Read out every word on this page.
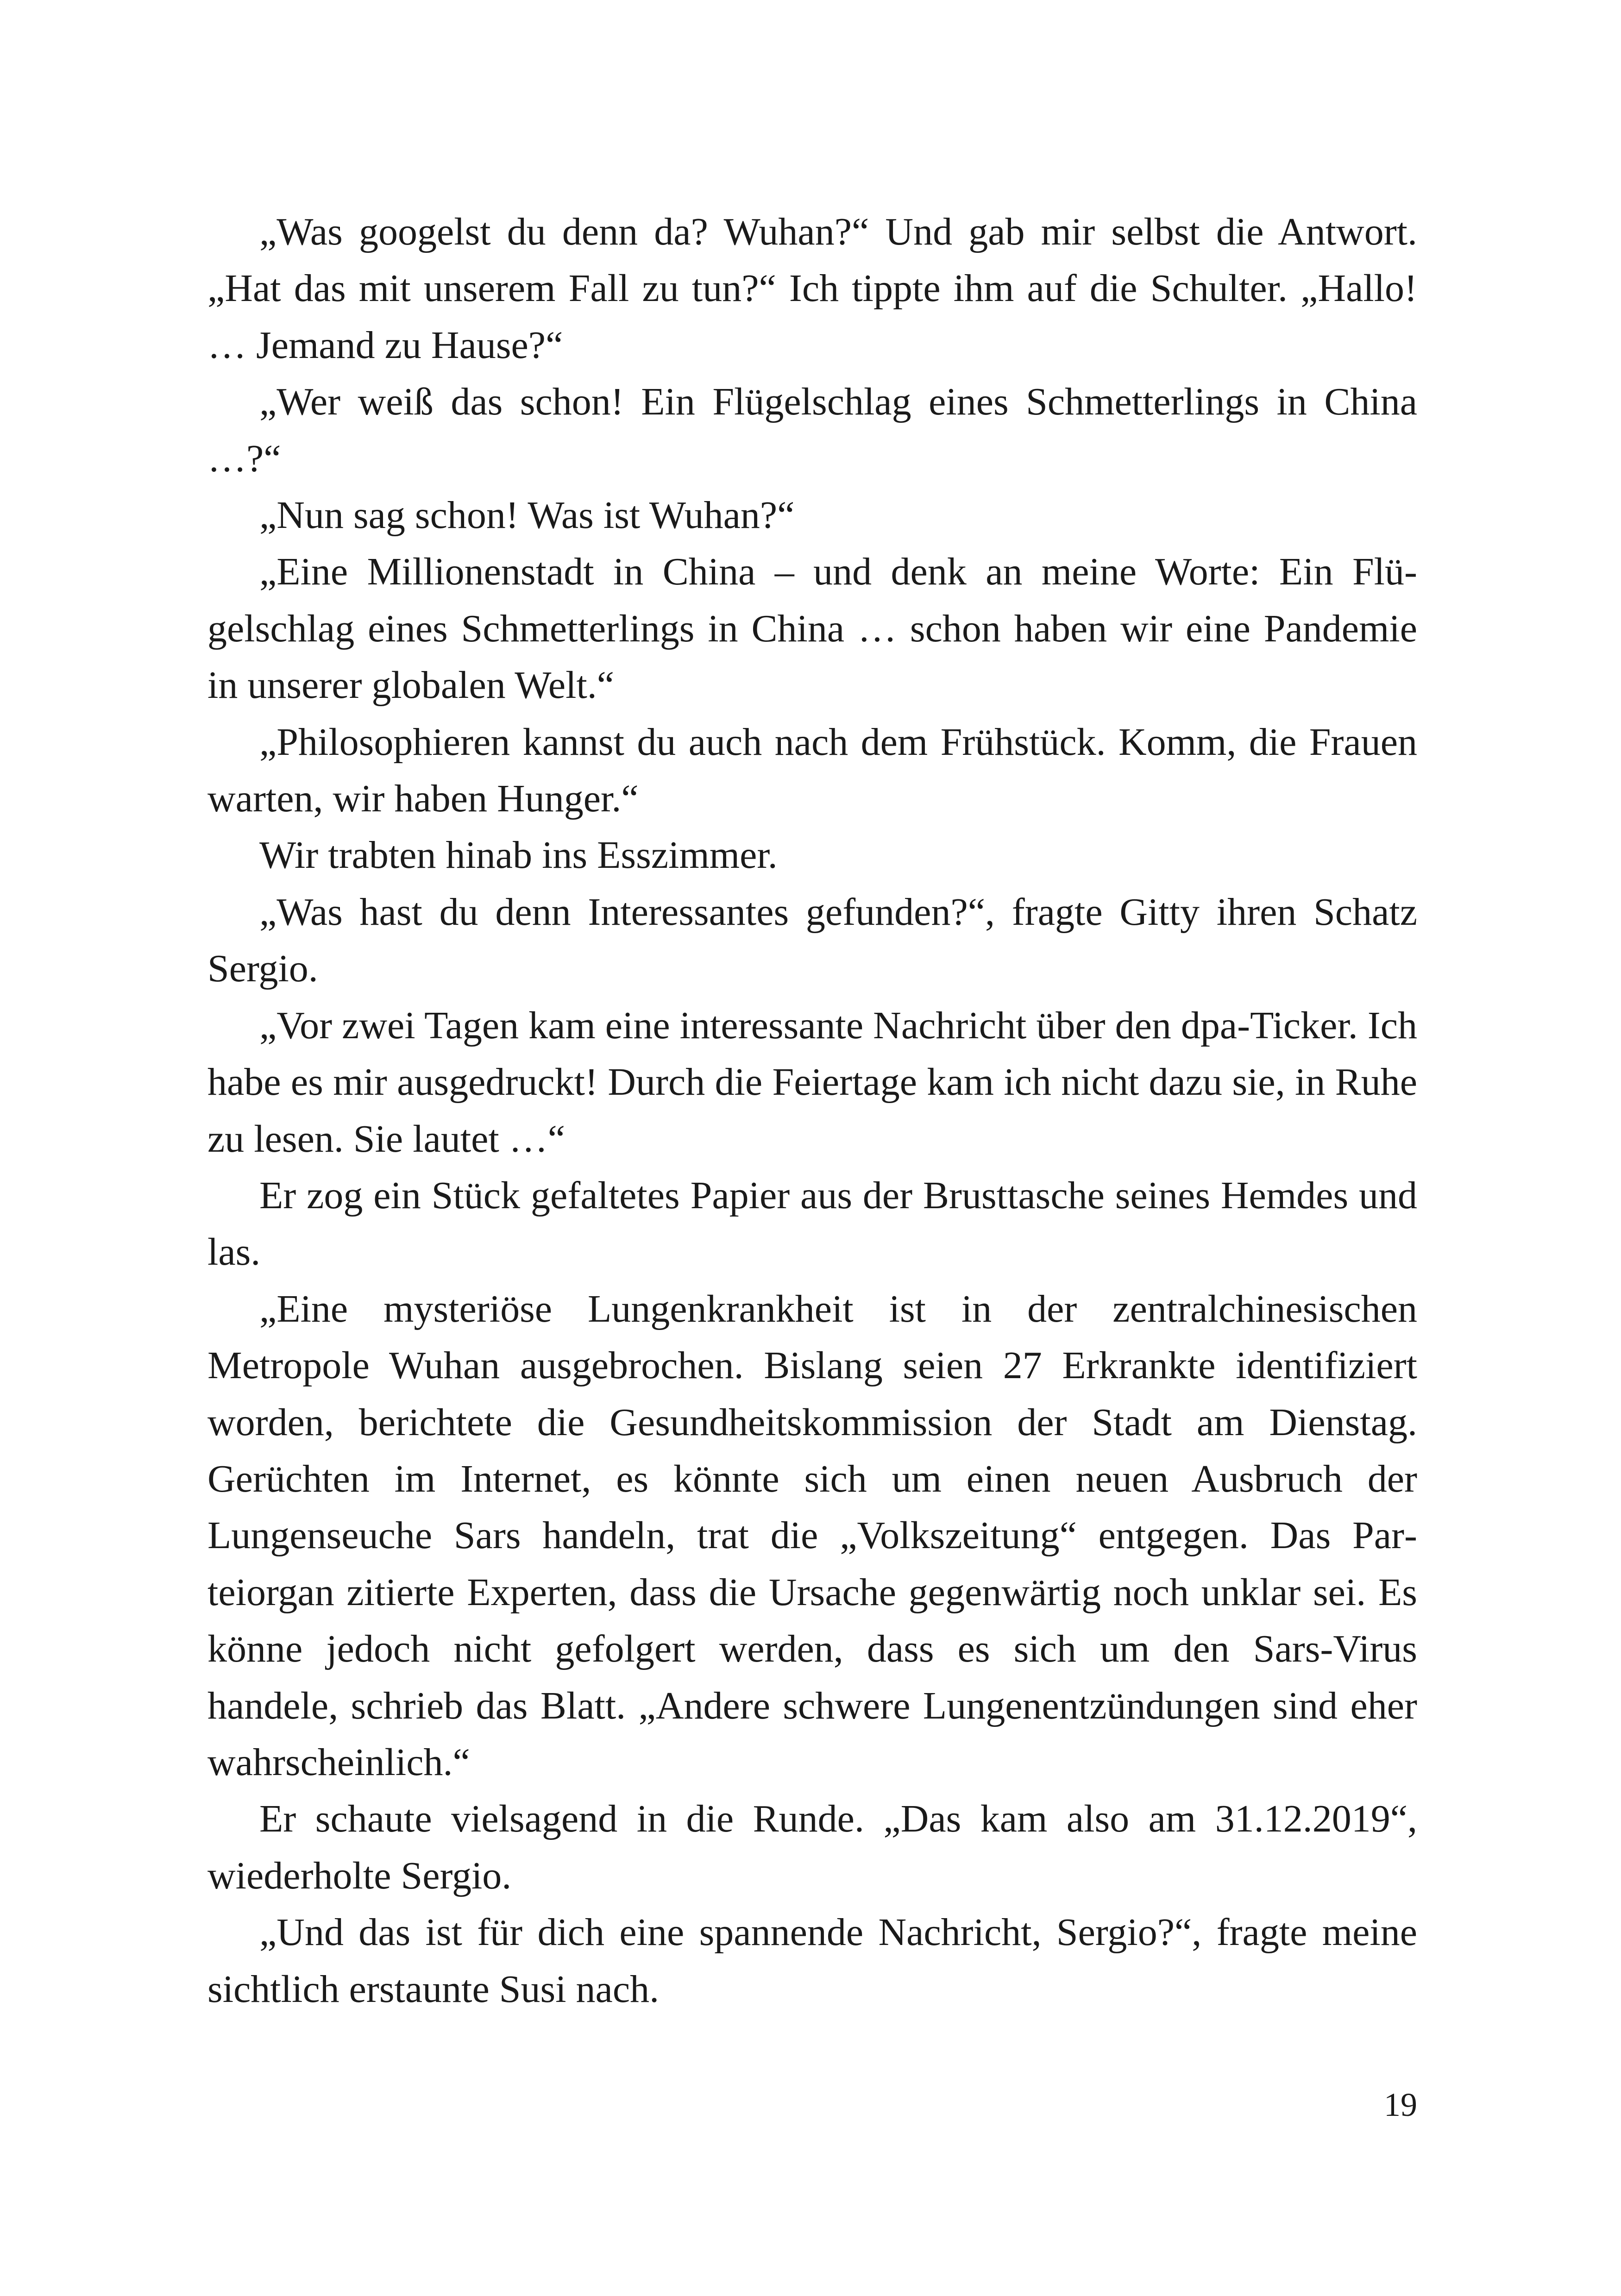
„Was googelst du denn da? Wuhan?“ Und gab mir selbst die Antwort. „Hat das mit unserem Fall zu tun?“ Ich tippte ihm auf die Schulter. „Hallo! … Jemand zu Hause?“

„Wer weiß das schon! Ein Flügelschlag eines Schmetterlings in China …?“

„Nun sag schon! Was ist Wuhan?“

„Eine Millionenstadt in China – und denk an meine Worte: Ein Flügelschlag eines Schmetterlings in China … schon haben wir eine Pandemie in unserer globalen Welt.“

„Philosophieren kannst du auch nach dem Frühstück. Komm, die Frauen warten, wir haben Hunger.“

Wir trabten hinab ins Esszimmer.

„Was hast du denn Interessantes gefunden?“, fragte Gitty ihren Schatz Sergio.

„Vor zwei Tagen kam eine interessante Nachricht über den dpa-Ticker. Ich habe es mir ausgedruckt! Durch die Feiertage kam ich nicht dazu sie, in Ruhe zu lesen. Sie lautet …“

Er zog ein Stück gefaltetes Papier aus der Brusttasche seines Hemdes und las.

„Eine mysteriöse Lungenkrankheit ist in der zentralchinesischen Metropole Wuhan ausgebrochen. Bislang seien 27 Erkrankte identifiziert worden, berichtete die Gesundheitskommission der Stadt am Dienstag. Gerüchten im Internet, es könnte sich um einen neuen Ausbruch der Lungenseuche Sars handeln, trat die „Volkszeitung“ entgegen. Das Parteiorgan zitierte Experten, dass die Ursache gegenwärtig noch unklar sei. Es könne jedoch nicht gefolgert werden, dass es sich um den Sars-Virus handele, schrieb das Blatt. „Andere schwere Lungenentzündungen sind eher wahrscheinlich.“

Er schaute vielsagend in die Runde. „Das kam also am 31.12.2019“, wiederholte Sergio.

„Und das ist für dich eine spannende Nachricht, Sergio?“, fragte meine sichtlich erstaunte Susi nach.

19
